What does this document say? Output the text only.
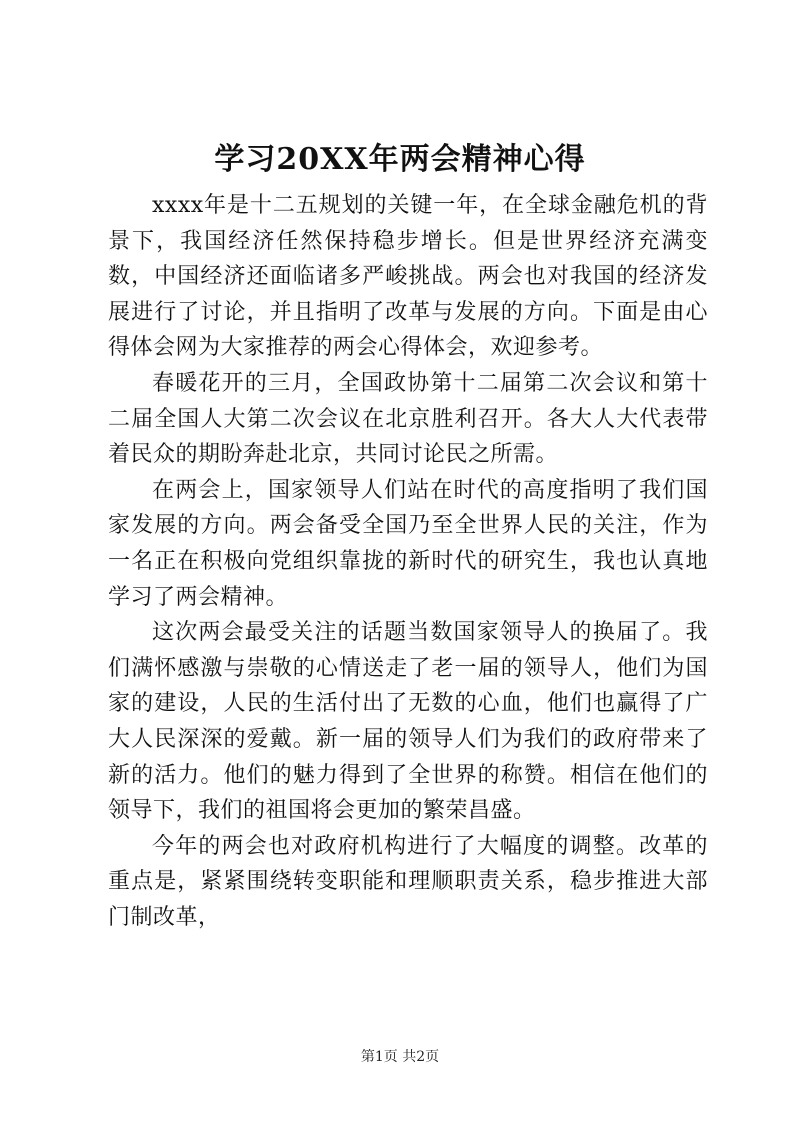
学习20XX年两会精神心得

xxxx年是十二五规划的关键一年，在全球金融危机的背景下，我国经济任然保持稳步增长。但是世界经济充满变数，中国经济还面临诸多严峻挑战。两会也对我国的经济发展进行了讨论，并且指明了改革与发展的方向。下面是由心得体会网为大家推荐的两会心得体会，欢迎参考。

春暖花开的三月，全国政协第十二届第二次会议和第十二届全国人大第二次会议在北京胜利召开。各大人大代表带着民众的期盼奔赴北京，共同讨论民之所需。

在两会上，国家领导人们站在时代的高度指明了我们国家发展的方向。两会备受全国乃至全世界人民的关注，作为一名正在积极向党组织靠拢的新时代的研究生，我也认真地学习了两会精神。

这次两会最受关注的话题当数国家领导人的换届了。我们满怀感激与崇敬的心情送走了老一届的领导人，他们为国家的建设，人民的生活付出了无数的心血，他们也赢得了广大人民深深的爱戴。新一届的领导人们为我们的政府带来了新的活力。他们的魅力得到了全世界的称赞。相信在他们的领导下，我们的祖国将会更加的繁荣昌盛。

今年的两会也对政府机构进行了大幅度的调整。改革的重点是，紧紧围绕转变职能和理顺职责关系，稳步推进大部门制改革，

第1页 共2页
